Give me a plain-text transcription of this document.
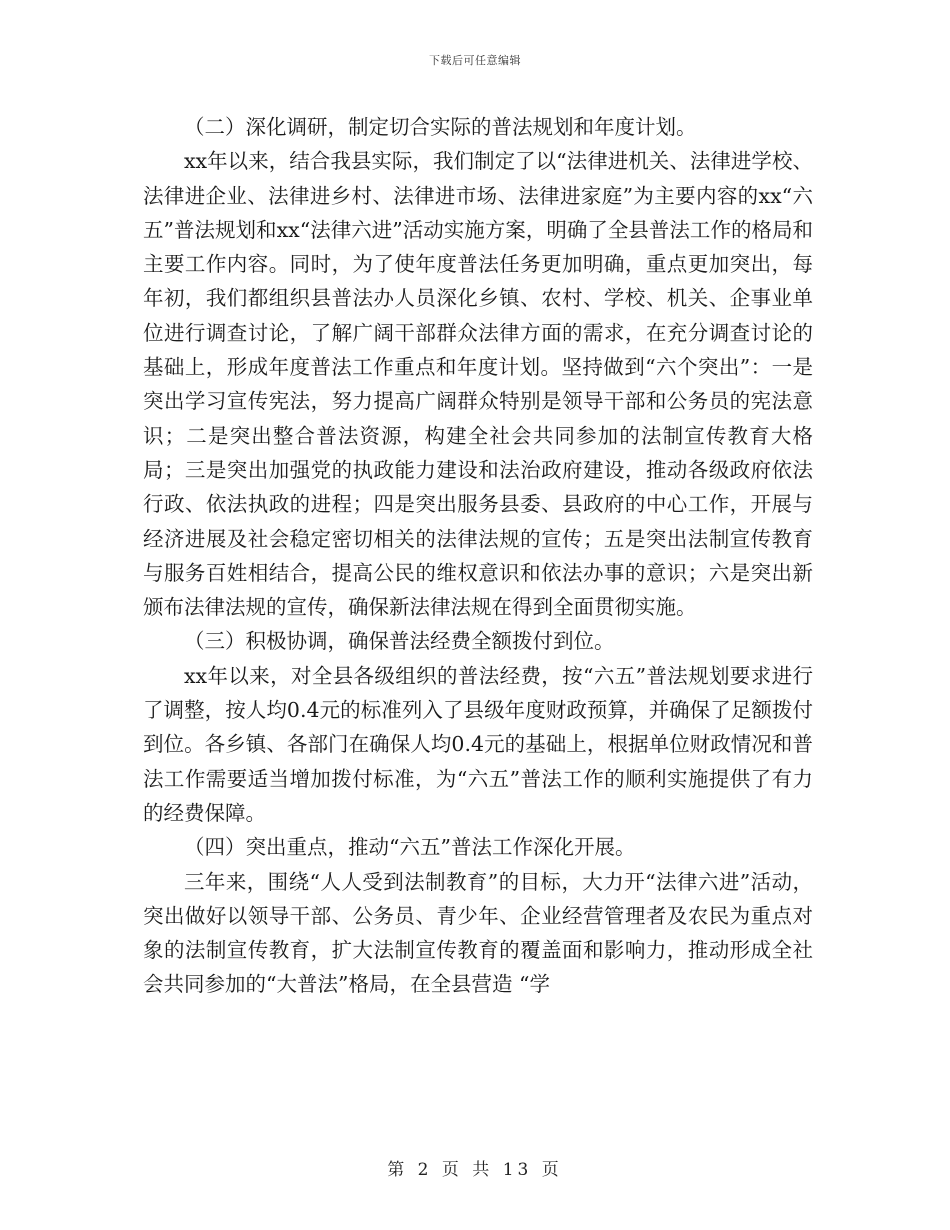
下载后可任意编辑

（二）深化调研，制定切合实际的普法规划和年度计划。

xx年以来，结合我县实际，我们制定了以“法律进机关、法律进学校、法律进企业、法律进乡村、法律进市场、法律进家庭”为主要内容的xx“六五”普法规划和xx“法律六进”活动实施方案，明确了全县普法工作的格局和主要工作内容。同时，为了使年度普法任务更加明确，重点更加突出，每年初，我们都组织县普法办人员深化乡镇、农村、学校、机关、企事业单位进行调查讨论，了解广阔干部群众法律方面的需求，在充分调查讨论的基础上，形成年度普法工作重点和年度计划。坚持做到“六个突出”：一是突出学习宣传宪法，努力提高广阔群众特别是领导干部和公务员的宪法意识；二是突出整合普法资源，构建全社会共同参加的法制宣传教育大格局；三是突出加强党的执政能力建设和法治政府建设，推动各级政府依法行政、依法执政的进程；四是突出服务县委、县政府的中心工作，开展与经济进展及社会稳定密切相关的法律法规的宣传；五是突出法制宣传教育与服务百姓相结合，提高公民的维权意识和依法办事的意识；六是突出新颁布法律法规的宣传，确保新法律法规在得到全面贯彻实施。

（三）积极协调，确保普法经费全额拨付到位。

xx年以来，对全县各级组织的普法经费，按“六五”普法规划要求进行了调整，按人均0.4元的标准列入了县级年度财政预算，并确保了足额拨付到位。各乡镇、各部门在确保人均0.4元的基础上，根据单位财政情况和普法工作需要适当增加拨付标准，为“六五”普法工作的顺利实施提供了有力的经费保障。

（四）突出重点，推动“六五”普法工作深化开展。

三年来，围绕“人人受到法制教育”的目标，大力开“法律六进”活动，突出做好以领导干部、公务员、青少年、企业经营管理者及农民为重点对象的法制宣传教育，扩大法制宣传教育的覆盖面和影响力，推动形成全社会共同参加的“大普法”格局，在全县营造 “学

第 2 页 共 13 页
